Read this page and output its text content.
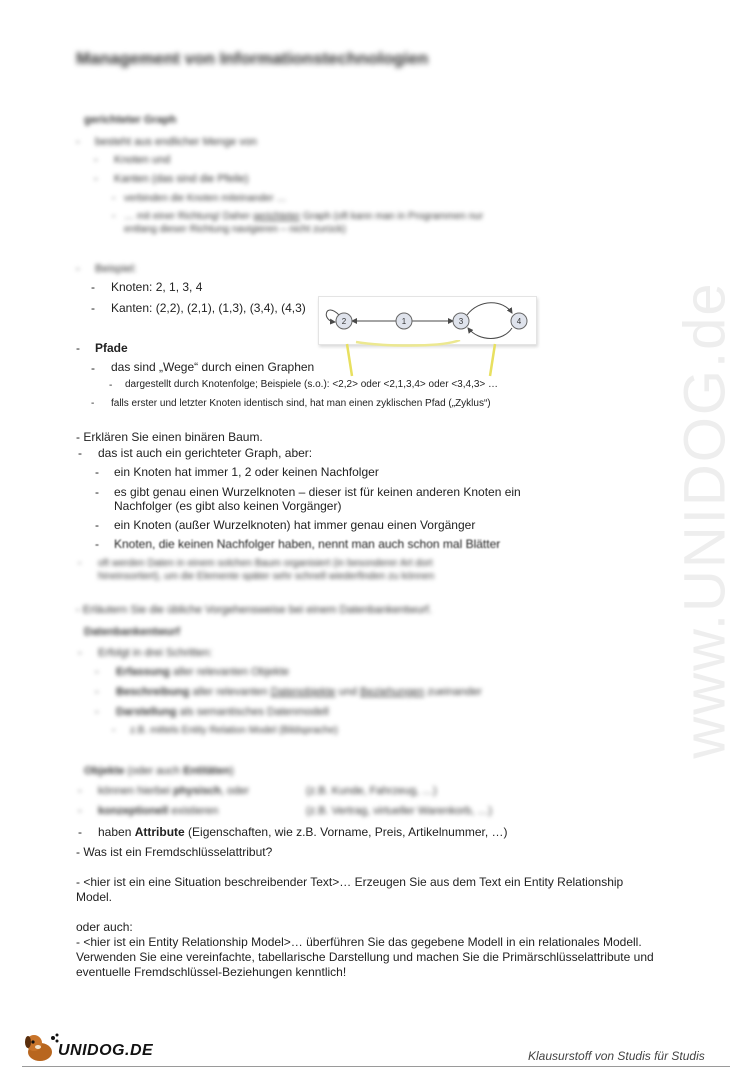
www.UNIDOG.de
Management von Informationstechnologien
gerichteter Graph
- besteht aus endlicher Menge von
- Knoten und
- Kanten (das sind die Pfeile)
- verbinden die Knoten miteinander …
- … mit einer Richtung! Daher gerichteter Graph (oft kann man in Programmen nur
entlang dieser Richtung navigieren – nicht zurück)
- Beispiel:
- Knoten: 2, 1, 3, 4
- Kanten: (2,2), (2,1), (1,3), (3,4), (4,3)
2	1	3	4
- Pfade
- das sind „Wege“ durch einen Graphen
- dargestellt durch Knotenfolge; Beispiele (s.o.): <2,2> oder <2,1,3,4> oder <3,4,3> …
- falls erster und letzter Knoten identisch sind, hat man einen zyklischen Pfad („Zyklus“)
- Erklären Sie einen binären Baum.
- das ist auch ein gerichteter Graph, aber:
- ein Knoten hat immer 1, 2 oder keinen Nachfolger
- es gibt genau einen Wurzelknoten – dieser ist für keinen anderen Knoten ein
Nachfolger (es gibt also keinen Vorgänger)
- ein Knoten (außer Wurzelknoten) hat immer genau einen Vorgänger
- Knoten, die keinen Nachfolger haben, nennt man auch schon mal Blätter
- oft werden Daten in einem solchen Baum organisiert (in besonderer Art dort
hineinsortiert), um die Elemente später sehr schnell wiederfinden zu können
- Erläutern Sie die übliche Vorgehensweise bei einem Datenbankentwurf.
Datenbankentwurf
- Erfolgt in drei Schritten:
- Erfassung aller relevanten Objekte
- Beschreibung aller relevanten Datenobjekte und Beziehungen zueinander
- Darstellung als semantisches Datenmodell
- z.B. mittels Entity Relation Model (Bildsprache)
Objekte (oder auch Entitäten)
- können hierbei physisch, oder	(z.B. Kunde, Fahrzeug, …)
- konzeptionell existieren	(z.B. Vertrag, virtueller Warenkorb, …)
- haben Attribute (Eigenschaften, wie z.B. Vorname, Preis, Artikelnummer, …)
- Was ist ein Fremdschlüsselattribut?
- <hier ist ein eine Situation beschreibender Text>… Erzeugen Sie aus dem Text ein Entity Relationship
Model.
oder auch:
- <hier ist ein Entity Relationship Model>… überführen Sie das gegebene Modell in ein relationales Modell.
Verwenden Sie eine vereinfachte, tabellarische Darstellung und machen Sie die Primärschlüsselattribute und
eventuelle Fremdschlüssel-Beziehungen kenntlich!
UNIDOG.DE	Klausurstoff von Studis für Studis
